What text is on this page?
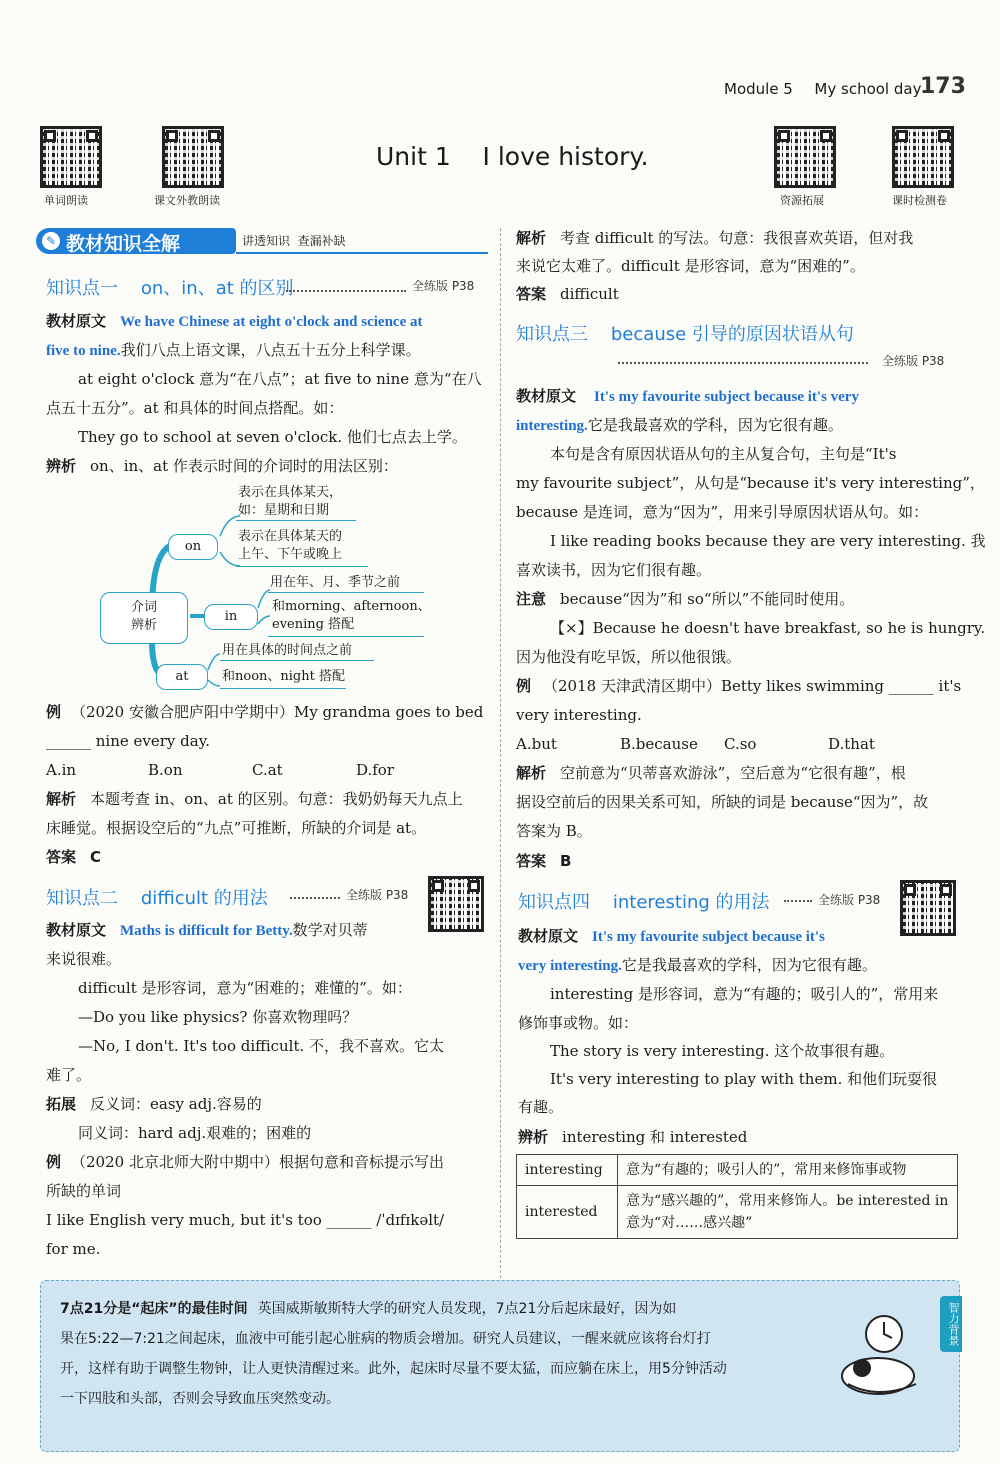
Module 5 My school day
173
单词朗读	课文外教朗读	资源拓展	课时检测卷
Unit 1    I love history.
✎ 教材知识全解	讲透知识  查漏补缺
知识点一    on、in、at 的区别	全练版 P38
教材原文 We have Chinese at eight o'clock and science at
five to nine.我们八点上语文课，八点五十五分上科学课。
at eight o'clock 意为“在八点”；at five to nine 意为“在八
点五十五分”。at 和具体的时间点搭配。如：
They go to school at seven o'clock. 他们七点去上学。
辨析 on、in、at 作表示时间的介词时的用法区别：
介词
辨析
on
in
at
表示在具体某天，
如：星期和日期
表示在具体某天的
上午、下午或晚上
用在年、月、季节之前
和morning、afternoon、
evening 搭配
用在具体的时间点之前
和noon、night 搭配
例 （2020 安徽合肥庐阳中学期中）My grandma goes to bed
______ nine every day.
A.in	B.on	C.at	D.for
解析 本题考查 in、on、at 的区别。句意：我奶奶每天九点上
床睡觉。根据设空后的“九点”可推断，所缺的介词是 at。
答案 C
知识点二    difficult 的用法	全练版 P38
教材原文 Maths is difficult for Betty.数学对贝蒂
来说很难。
difficult 是形容词，意为“困难的；难懂的”。如：
—Do you like physics? 你喜欢物理吗？
—No, I don't. It's too difficult. 不，我不喜欢。它太
难了。
拓展 反义词：easy adj.容易的
同义词：hard adj.艰难的；困难的
例 （2020 北京北师大附中期中）根据句意和音标提示写出
所缺的单词
I like English very much, but it's too ______ /ˈdɪfɪkəlt/
for me.
解析 考查 difficult 的写法。句意：我很喜欢英语，但对我
来说它太难了。difficult 是形容词，意为“困难的”。
答案 difficult
知识点三    because 引导的原因状语从句
全练版 P38
教材原文 It's my favourite subject because it's very
interesting.它是我最喜欢的学科，因为它很有趣。
本句是含有原因状语从句的主从复合句，主句是“It's
my favourite subject”，从句是“because it's very interesting”，
because 是连词，意为“因为”，用来引导原因状语从句。如：
I like reading books because they are very interesting. 我
喜欢读书，因为它们很有趣。
注意 because“因为”和 so“所以”不能同时使用。
【×】Because he doesn't have breakfast, so he is hungry.
因为他没有吃早饭，所以他很饿。
例 （2018 天津武清区期中）Betty likes swimming ______ it's
very interesting.
A.but	B.because C.so	D.that
解析 空前意为“贝蒂喜欢游泳”，空后意为“它很有趣”，根
据设空前后的因果关系可知，所缺的词是 because“因为”，故
答案为 B。
答案 B
知识点四    interesting 的用法	全练版 P38
教材原文 It's my favourite subject because it's
very interesting.它是我最喜欢的学科，因为它很有趣。
interesting 是形容词，意为“有趣的；吸引人的”，常用来
修饰事或物。如：
The story is very interesting. 这个故事很有趣。
It's very interesting to play with them. 和他们玩耍很
有趣。
辨析 interesting 和 interested
interesting	意为“有趣的；吸引人的”，常用来修饰事或物
interested	意为“感兴趣的”，常用来修饰人。be interested in 意为“对……感兴趣”
7点21分是“起床”的最佳时间 英国威斯敏斯特大学的研究人员发现，7点21分后起床最好，因为如
果在5:22—7:21之间起床，血液中可能引起心脏病的物质会增加。研究人员建议，一醒来就应该将台灯打
开，这样有助于调整生物钟，让人更快清醒过来。此外，起床时尽量不要太猛，而应躺在床上，用5分钟活动
一下四肢和头部，否则会导致血压突然变动。
智力背景
